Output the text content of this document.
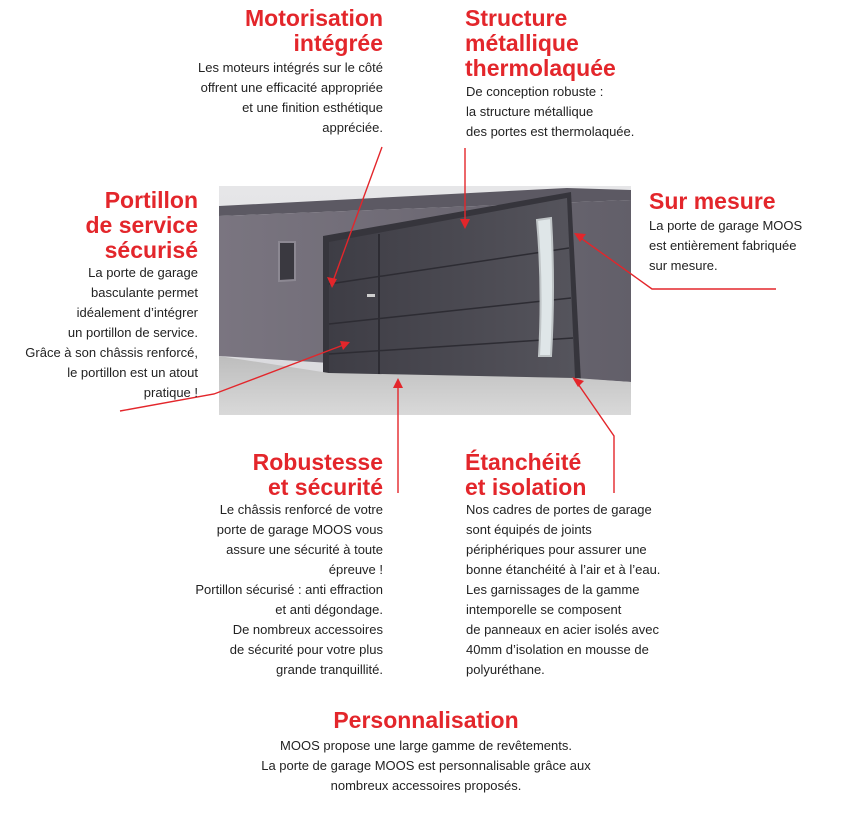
Motorisation
intégrée

Les moteurs intégrés sur le côté
offrent une efficacité appropriée
et une finition esthétique
appréciée.

Structure
métallique
thermolaquée

De conception robuste :
la structure métallique
des portes est thermolaquée.

Portillon
de service
sécurisé

La porte de garage
basculante permet
idéalement d’intégrer
un portillon de service.
Grâce à son châssis renforcé,
le portillon est un atout
pratique !

Sur mesure

La porte de garage MOOS
est entièrement fabriquée
sur mesure.

Robustesse
et sécurité

Le châssis renforcé de votre
porte de garage MOOS vous
assure une sécurité à toute
épreuve !
Portillon sécurisé : anti effraction
et anti dégondage.
De nombreux accessoires
de sécurité pour votre plus
grande tranquillité.

Étanchéité
et isolation

Nos cadres de portes de garage
sont équipés de joints
périphériques pour assurer une
bonne étanchéité à l’air et à l’eau.
Les garnissages de la gamme
intemporelle se composent
de panneaux en acier isolés avec
40mm d’isolation en mousse de
polyuréthane.

Personnalisation

MOOS propose une large gamme de revêtements.
La porte de garage MOOS est personnalisable grâce aux
nombreux accessoires proposés.
